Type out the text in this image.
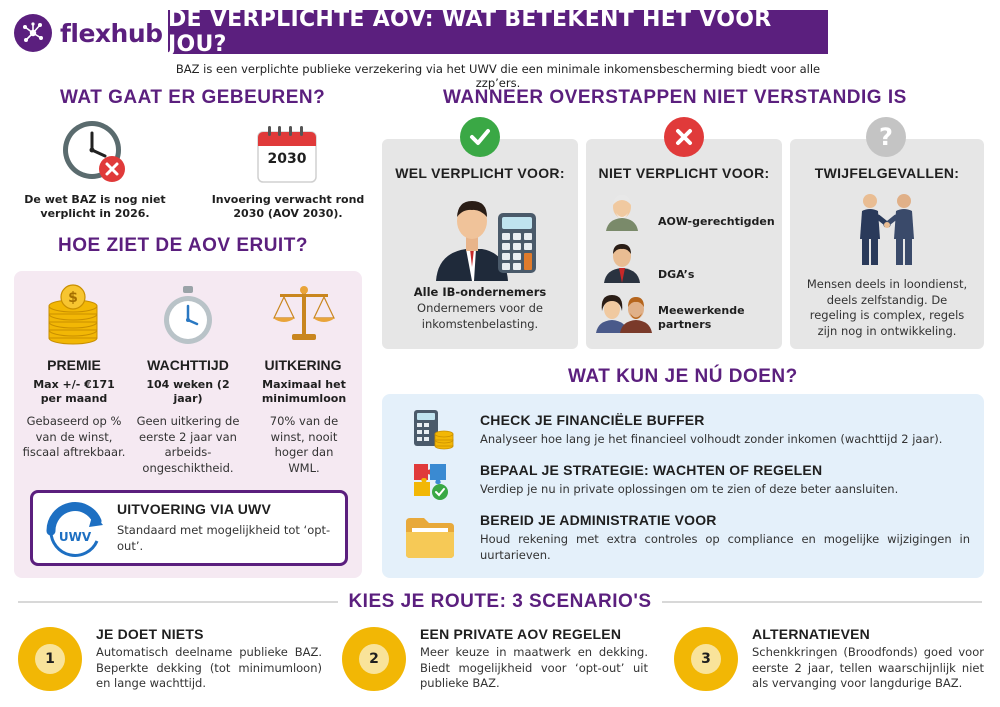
flexhub DE VERPLICHTE AOV: WAT BETEKENT HET VOOR JOU?
BAZ is een verplichte publieke verzekering via het UWV die een minimale inkomensbescherming biedt voor alle zzp’ers.
WAT GAAT ER GEBEUREN?
De wet BAZ is nog niet verplicht in 2026.
2030
Invoering verwacht rond 2030 (AOV 2030).
HOE ZIET DE AOV ERUIT?
$
PREMIE
Max +/- €171 per maand
Gebaseerd op % van de winst, fiscaal aftrekbaar.
WACHTTIJD
104 weken (2 jaar)
Geen uitkering de eerste 2 jaar van arbeids-ongeschiktheid.
UITKERING
Maximaal het minimumloon
70% van de winst, nooit hoger dan WML.
UWV
UITVOERING VIA UWV
Standaard met mogelijkheid tot ‘opt-out’.
WANNEER OVERSTAPPEN NIET VERSTANDIG IS
WEL VERPLICHT VOOR:
Alle IB-ondernemers
Ondernemers voor de inkomstenbelasting.
NIET VERPLICHT VOOR:
AOW-gerechtigden
DGA’s
Meewerkende partners
TWIJFELGEVALLEN:
Mensen deels in loondienst, deels zelfstandig. De regeling is complex, regels zijn nog in ontwikkeling.
?
WAT KUN JE NÚ DOEN?
CHECK JE FINANCIËLE BUFFER
Analyseer hoe lang je het financieel volhoudt zonder inkomen (wachttijd 2 jaar).
BEPAAL JE STRATEGIE: WACHTEN OF REGELEN
Verdiep je nu in private oplossingen om te zien of deze beter aansluiten.
BEREID JE ADMINISTRATIE VOOR
Houd rekening met extra controles op compliance en mogelijke wijzigingen in uurtarieven.
KIES JE ROUTE: 3 SCENARIO'S
1
JE DOET NIETS
Automatisch deelname publieke BAZ. Beperkte dekking (tot minimumloon) en lange wachttijd.
2
EEN PRIVATE AOV REGELEN
Meer keuze in maatwerk en dekking. Biedt mogelijkheid voor ‘opt-out’ uit publieke BAZ.
3
ALTERNATIEVEN
Schenkkringen (Broodfonds) goed voor eerste 2 jaar, tellen waarschijnlijk niet als vervanging voor langdurige BAZ.
